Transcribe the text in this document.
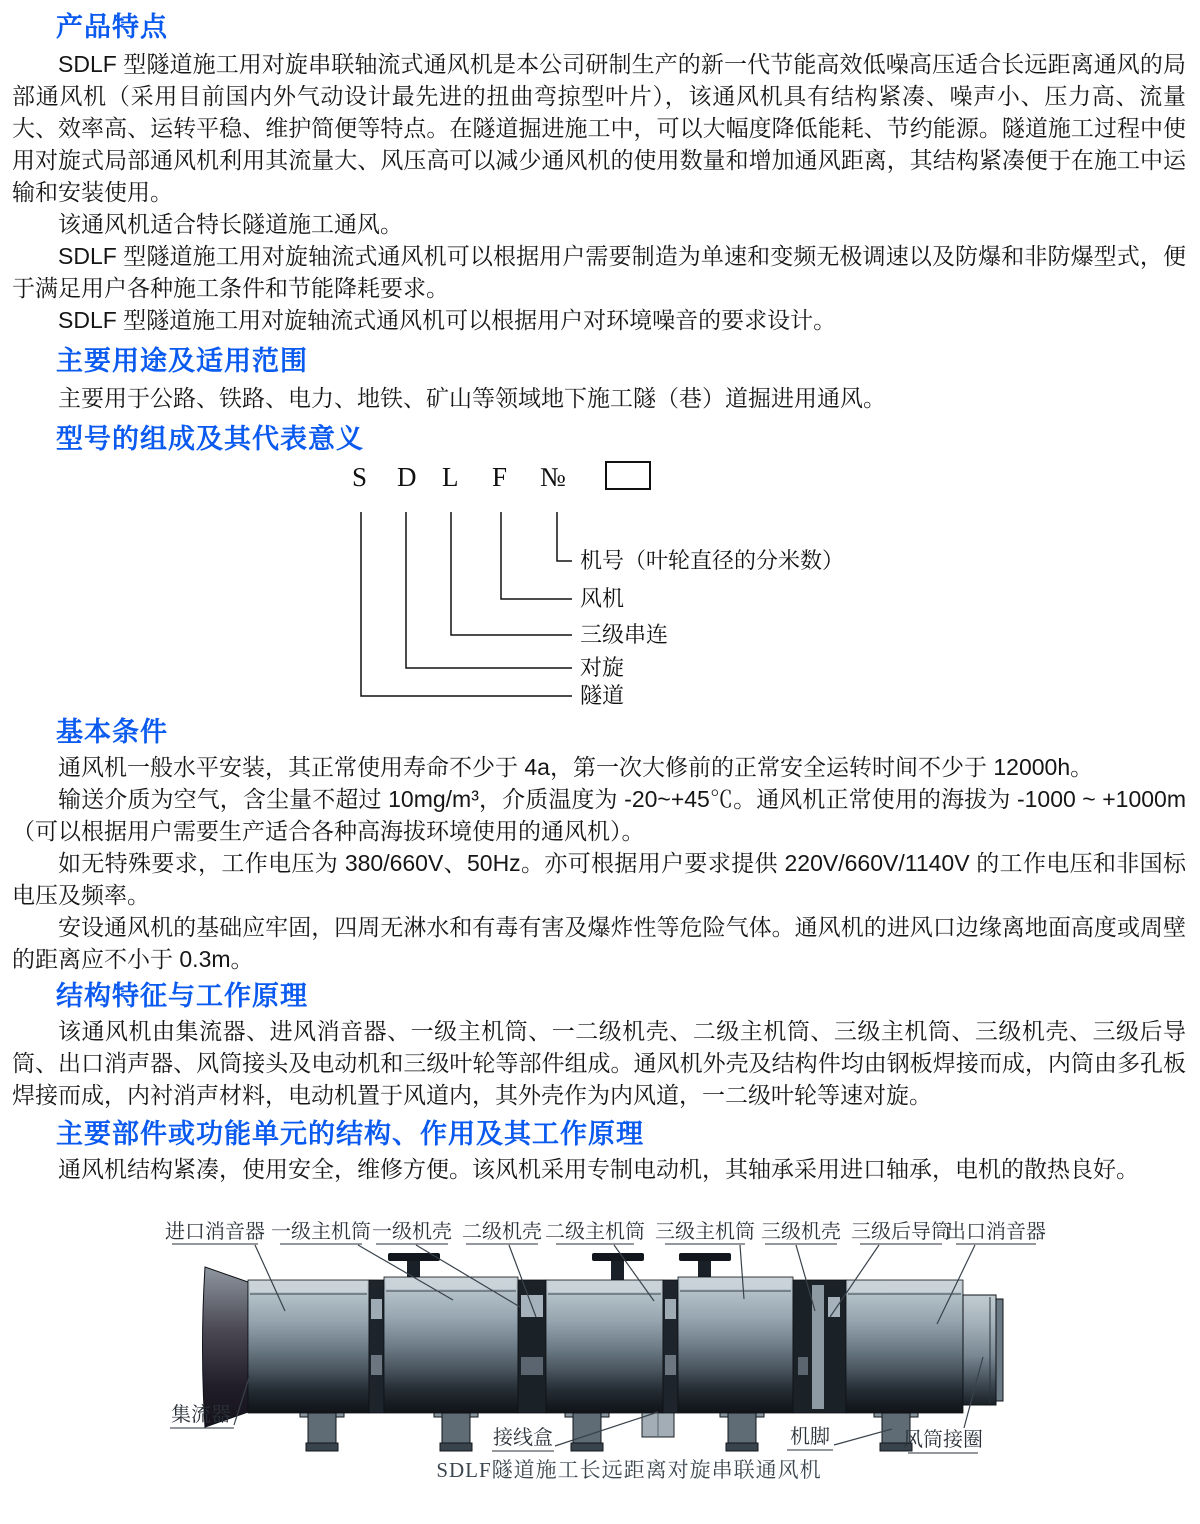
产品特点

SDLF 型隧道施工用对旋串联轴流式通风机是本公司研制生产的新一代节能高效低噪高压适合长远距离通风的局部通风机（采用目前国内外气动设计最先进的扭曲弯掠型叶片），该通风机具有结构紧凑、噪声小、压力高、流量大、效率高、运转平稳、维护简便等特点。在隧道掘进施工中，可以大幅度降低能耗、节约能源。隧道施工过程中使用对旋式局部通风机利用其流量大、风压高可以减少通风机的使用数量和增加通风距离，其结构紧凑便于在施工中运输和安装使用。

该通风机适合特长隧道施工通风。

SDLF 型隧道施工用对旋轴流式通风机可以根据用户需要制造为单速和变频无极调速以及防爆和非防爆型式，便于满足用户各种施工条件和节能降耗要求。

SDLF 型隧道施工用对旋轴流式通风机可以根据用户对环境噪音的要求设计。

主要用途及适用范围

主要用于公路、铁路、电力、地铁、矿山等领域地下施工隧（巷）道掘进用通风。

型号的组成及其代表意义
S D L F №
机号（叶轮直径的分米数）
风机
三级串连
对旋
隧道
基本条件

通风机一般水平安装，其正常使用寿命不少于 4a，第一次大修前的正常安全运转时间不少于 12000h。

输送介质为空气，含尘量不超过 10mg/m³，介质温度为 -20~+45℃。通风机正常使用的海拔为 -1000 ~ +1000m（可以根据用户需要生产适合各种高海拔环境使用的通风机）。

如无特殊要求，工作电压为 380/660V、50Hz。亦可根据用户要求提供 220V/660V/1140V 的工作电压和非国标电压及频率。

安设通风机的基础应牢固，四周无淋水和有毒有害及爆炸性等危险气体。通风机的进风口边缘离地面高度或周壁的距离应不小于 0.3m。

结构特征与工作原理

该通风机由集流器、进风消音器、一级主机筒、一二级机壳、二级主机筒、三级主机筒、三级机壳、三级后导筒、出口消声器、风筒接头及电动机和三级叶轮等部件组成。通风机外壳及结构件均由钢板焊接而成，内筒由多孔板焊接而成，内衬消声材料，电动机置于风道内，其外壳作为内风道，一二级叶轮等速对旋。

主要部件或功能单元的结构、作用及其工作原理

通风机结构紧凑，使用安全，维修方便。该风机采用专制电动机，其轴承采用进口轴承，电机的散热良好。

进口消音器 一级主机筒 一级机壳 二级机壳 二级主机筒 三级主机筒 三级机壳 三级后导筒
出口消音器
集流器
接线盒	机脚	风筒接圈
SDLF隧道施工长远距离对旋串联通风机
